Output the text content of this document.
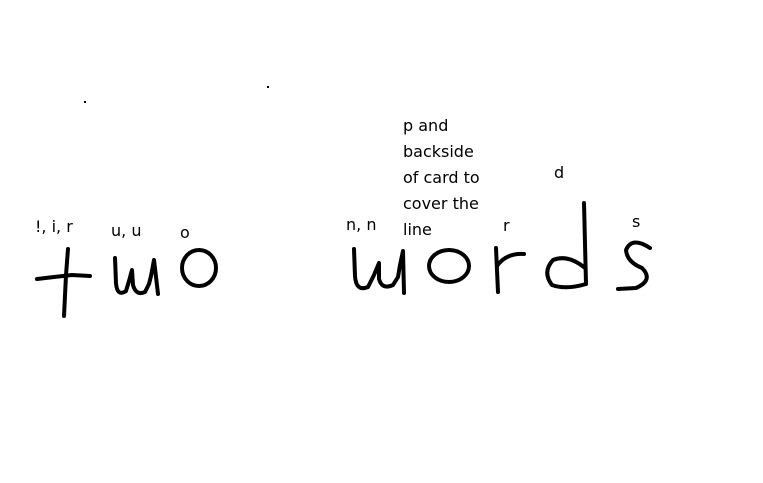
!, i, r u, u o	n, n
p and
backside
of card to
cover the
line	r
d
s
